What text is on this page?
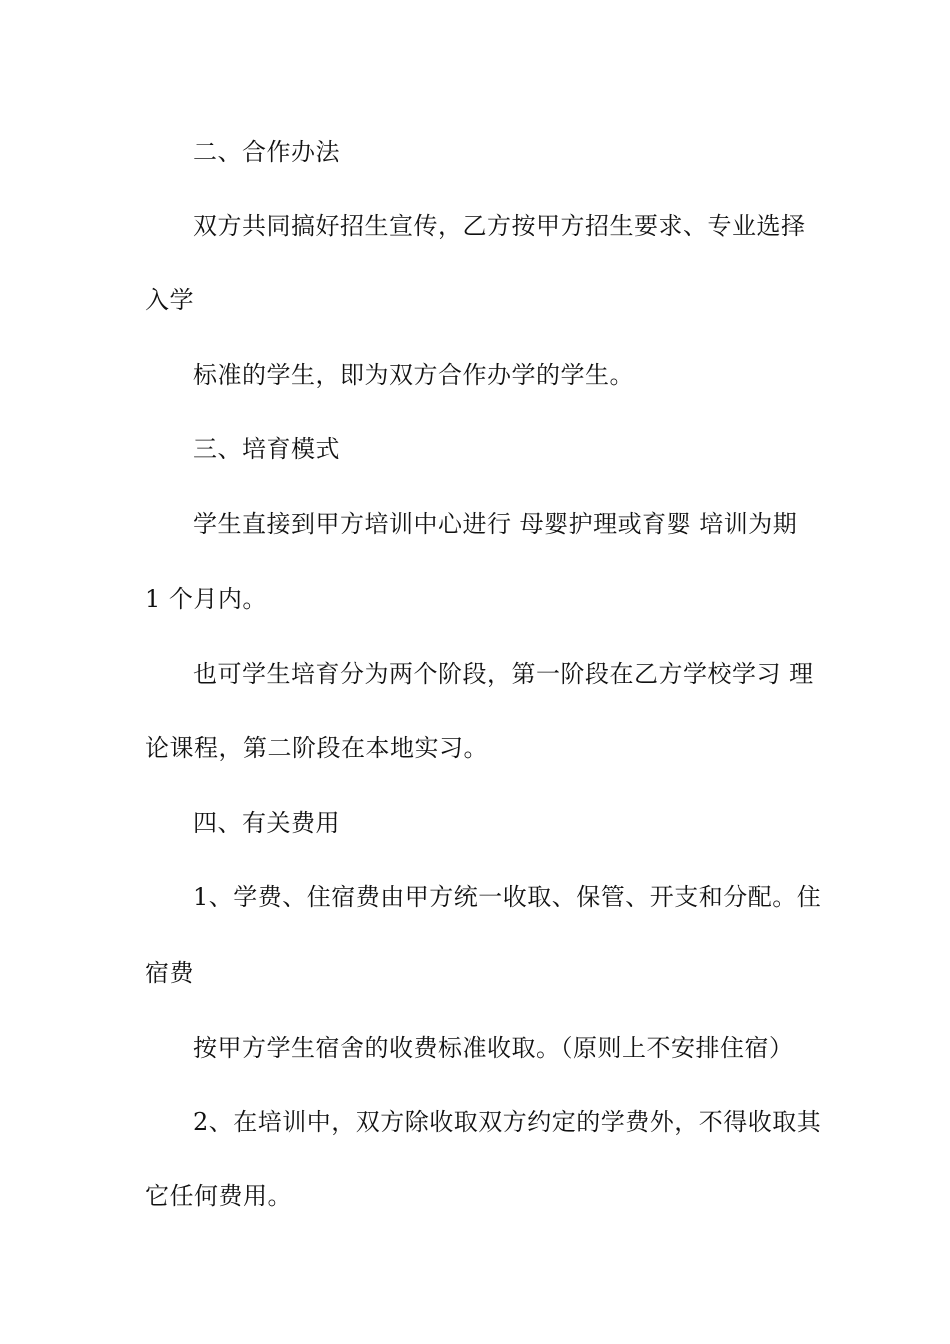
二、合作办法
双方共同搞好招生宣传，乙方按甲方招生要求、专业选择
入学
标准的学生，即为双方合作办学的学生。
三、培育模式
学生直接到甲方培训中心进行 母婴护理或育婴 培训为期
1 个月内。
也可学生培育分为两个阶段，第一阶段在乙方学校学习 理
论课程，第二阶段在本地实习。
四、有关费用
1、学费、住宿费由甲方统一收取、保管、开支和分配。住
宿费
按甲方学生宿舍的收费标准收取。（原则上不安排住宿）
2、在培训中，双方除收取双方约定的学费外，不得收取其
它任何费用。
